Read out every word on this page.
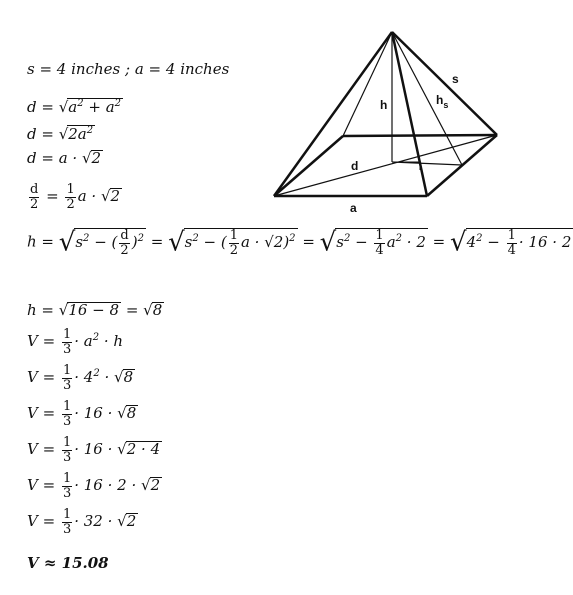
s = 4 inches ; a = 4 inches
$d = √a^2 + a^2$
$d = √2a^2$
d = a · √2
$\frac{d}{2} = \frac{1}{2}$ a · √2
$h = √s^2$ − ( $\frac{d}{2} )^2 = √s^2$ − ( $\frac{1}{2}$ $a \cdot √2)^2 = √s^2 - \frac{1}{4} a^2 \cdot 2 = √4^2 - \frac{1}{4} \cdot 16 \cdot 2$
h = √16 − 8 = √8
$V = \frac{1}{3} \cdot a^2 \cdot h$
$V = \frac{1}{3} \cdot 4^2 \cdot √8$
$V = \frac{1}{3} \cdot 16 \cdot √8$
$V = \frac{1}{3} \cdot 16 \cdot √2 \cdot 4$
$V = \frac{1}{3} \cdot 16 \cdot 2 \cdot √2$
$V = \frac{1}{3} \cdot 32 \cdot √2$
V ≈ 15.08
s
h	$h_s$
d
a
